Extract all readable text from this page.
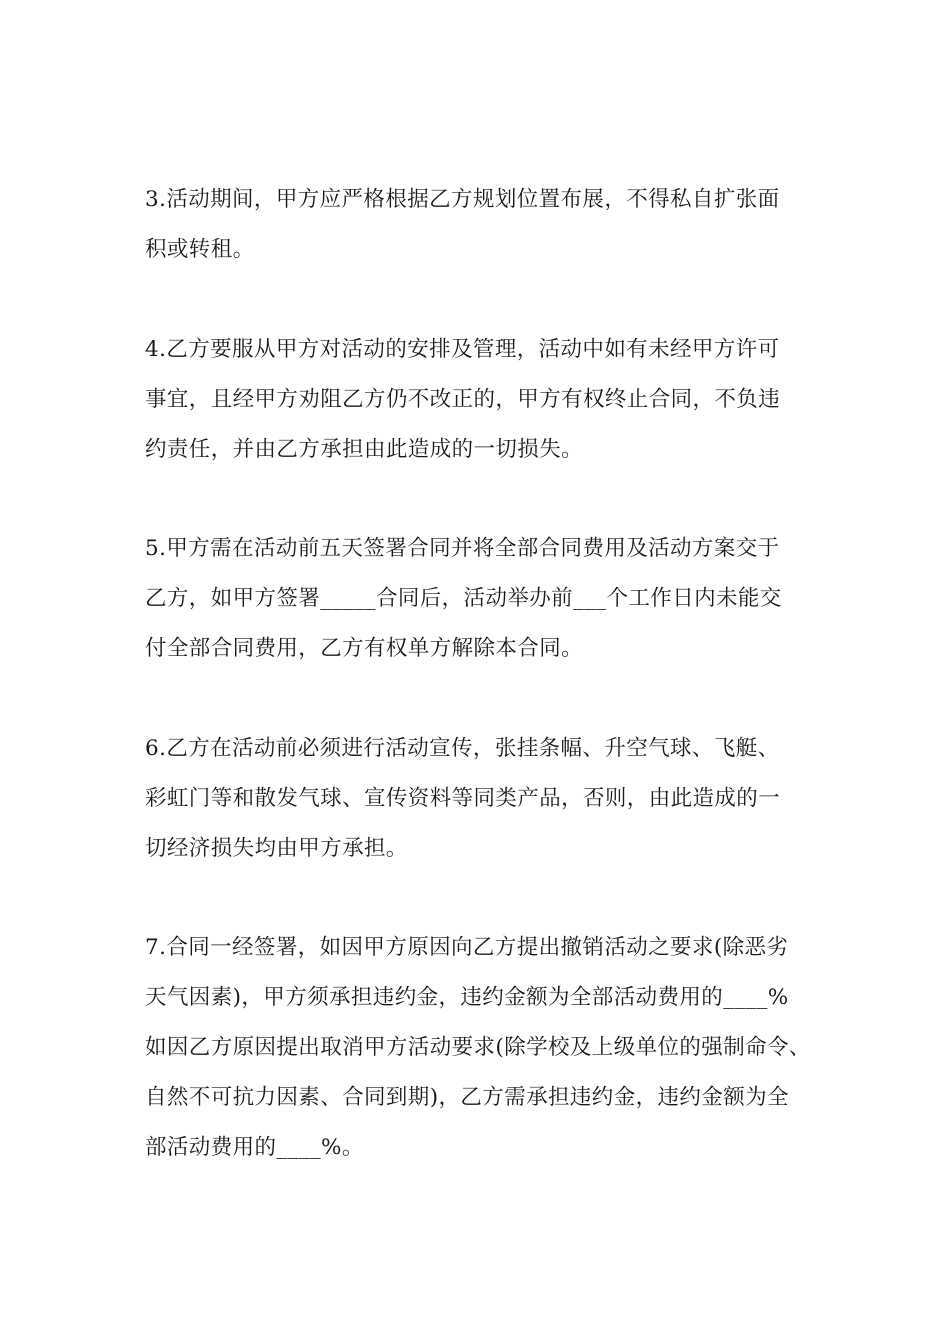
3.活动期间，甲方应严格根据乙方规划位置布展，不得私自扩张面
积或转租。
4.乙方要服从甲方对活动的安排及管理，活动中如有未经甲方许可
事宜，且经甲方劝阻乙方仍不改正的，甲方有权终止合同，不负违
约责任，并由乙方承担由此造成的一切损失。
5.甲方需在活动前五天签署合同并将全部合同费用及活动方案交于
乙方，如甲方签署_____合同后，活动举办前___个工作日内未能交
付全部合同费用，乙方有权单方解除本合同。
6.乙方在活动前必须进行活动宣传，张挂条幅、升空气球、飞艇、
彩虹门等和散发气球、宣传资料等同类产品，否则，由此造成的一
切经济损失均由甲方承担。
7.合同一经签署，如因甲方原因向乙方提出撤销活动之要求(除恶劣
天气因素)，甲方须承担违约金，违约金额为全部活动费用的____%
如因乙方原因提出取消甲方活动要求(除学校及上级单位的强制命令、
自然不可抗力因素、合同到期)，乙方需承担违约金，违约金额为全
部活动费用的____%。
